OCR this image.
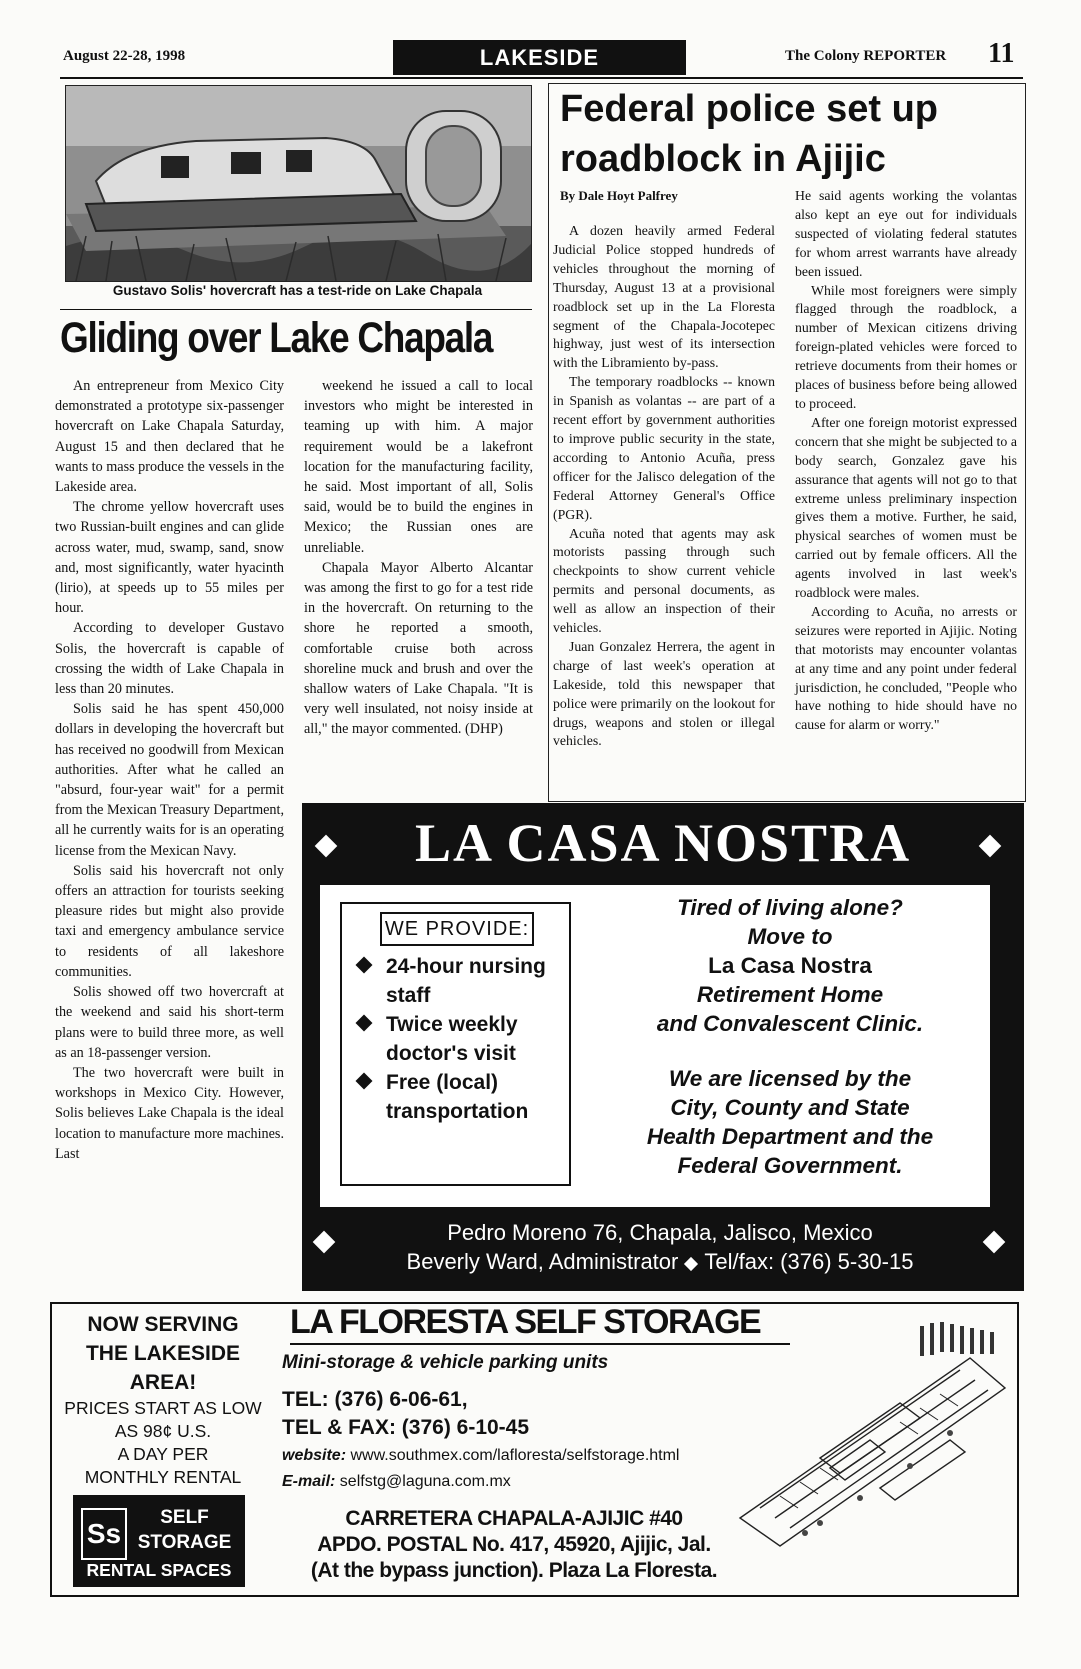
August 22-28, 1998	LAKESIDE	The Colony REPORTER 11
Gustavo Solis' hovercraft has a test-ride on Lake Chapala
Gliding over Lake Chapala

An entrepreneur from Mexico City demonstrated a prototype six-passenger hovercraft on Lake Chapala Saturday, August 15 and then declared that he wants to mass produce the vessels in the Lakeside area.

The chrome yellow hovercraft uses two Russian-built engines and can glide across water, mud, swamp, sand, snow and, most significantly, water hyacinth (lirio), at speeds up to 55 miles per hour.

According to developer Gustavo Solis, the hovercraft is capable of crossing the width of Lake Chapala in less than 20 minutes.

Solis said he has spent 450,000 dollars in developing the hovercraft but has received no goodwill from Mexican authorities. After what he called an "absurd, four-year wait" for a permit from the Mexican Treasury Department, all he currently waits for is an operating license from the Mexican Navy.

Solis said his hovercraft not only offers an attraction for tourists seeking pleasure rides but might also provide taxi and emergency ambulance service to residents of all lakeshore communities.

Solis showed off two hovercraft at the weekend and said his short-term plans were to build three more, as well as an 18-passenger version.

The two hovercraft were built in workshops in Mexico City. However, Solis believes Lake Chapala is the ideal location to manufacture more machines. Last

weekend he issued a call to local investors who might be interested in teaming up with him. A major requirement would be a lakefront location for the manufacturing facility, he said. Most important of all, Solis said, would be to build the engines in Mexico; the Russian ones are unreliable.

Chapala Mayor Alberto Alcantar was among the first to go for a test ride in the hovercraft. On returning to the shore he reported a smooth, comfortable cruise both across shoreline muck and brush and over the shallow waters of Lake Chapala. "It is very well insulated, not noisy inside at all," the mayor commented. (DHP)

Federal police set up roadblock in Ajijic
By Dale Hoyt Palfrey

A dozen heavily armed Federal Judicial Police stopped hundreds of vehicles throughout the morning of Thursday, August 13 at a provisional roadblock set up in the La Floresta segment of the Chapala-Jocotepec highway, just west of its intersection with the Libramiento by-pass.

The temporary roadblocks -- known in Spanish as volantas -- are part of a recent effort by government authorities to improve public security in the state, according to Antonio Acuña, press officer for the Jalisco delegation of the Federal Attorney General's Office (PGR).

Acuña noted that agents may ask motorists passing through such checkpoints to show current vehicle permits and personal documents, as well as allow an inspection of their vehicles.

Juan Gonzalez Herrera, the agent in charge of last week's operation at Lakeside, told this newspaper that police were primarily on the lookout for drugs, weapons and stolen or illegal vehicles.

He said agents working the volantas also kept an eye out for individuals suspected of violating federal statutes for whom arrest warrants have already been issued.

While most foreigners were simply flagged through the roadblock, a number of Mexican citizens driving foreign-plated vehicles were forced to retrieve documents from their homes or places of business before being allowed to proceed.

After one foreign motorist expressed concern that she might be subjected to a body search, Gonzalez gave his assurance that agents will not go to that extreme unless preliminary inspection gives them a motive. Further, he said, physical searches of women must be carried out by female officers. All the agents involved in last week's roadblock were males.

According to Acuña, no arrests or seizures were reported in Ajijic. Noting that motorists may encounter volantas at any time and any point under federal jurisdiction, he concluded, "People who have nothing to hide should have no cause for alarm or worry."

LA CASA NOSTRA
WE PROVIDE:
24-hour nursing staff
Twice weekly doctor's visit
Free (local) transportation
Tired of living alone?
Move to
La Casa Nostra
Retirement Home
and Convalescent Clinic.
We are licensed by the
City, County and State
Health Department and the
Federal Government.
Pedro Moreno 76, Chapala, Jalisco, Mexico
Beverly Ward, Administrator Tel/fax: (376) 5-30-15
NOW SERVING
THE LAKESIDE
AREA!
PRICES START AS LOW
AS 98¢ U.S.
A DAY PER
MONTHLY RENTAL
Ss
SELF
STORAGE
RENTAL SPACES
LA FLORESTA SELF STORAGE
Mini-storage & vehicle parking units
TEL: (376) 6-06-61,
TEL & FAX: (376) 6-10-45
website: www.southmex.com/lafloresta/selfstorage.html
E-mail: selfstg@laguna.com.mx
CARRETERA CHAPALA-AJIJIC #40
APDO. POSTAL No. 417, 45920, Ajijic, Jal.
(At the bypass junction). Plaza La Floresta.
